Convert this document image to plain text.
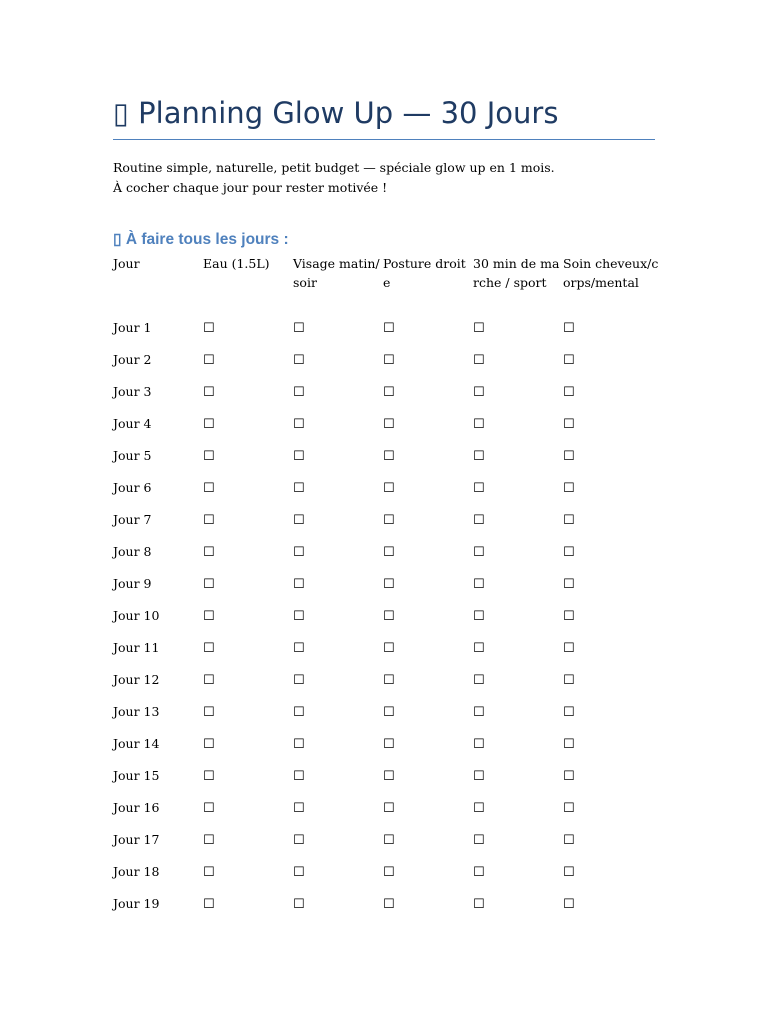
▯ Planning Glow Up — 30 Jours

Routine simple, naturelle, petit budget — spéciale glow up en 1 mois.

À cocher chaque jour pour rester motivée !

▯ À faire tous les jours :
Jour	Eau (1.5L)	Visage matin/soir	Posture droite	30 min de marche / sport	Soin cheveux/corps/mental

Jour 1	☐	☐	☐	☐	☐
Jour 2	☐	☐	☐	☐	☐
Jour 3	☐	☐	☐	☐	☐
Jour 4	☐	☐	☐	☐	☐
Jour 5	☐	☐	☐	☐	☐
Jour 6	☐	☐	☐	☐	☐
Jour 7	☐	☐	☐	☐	☐
Jour 8	☐	☐	☐	☐	☐
Jour 9	☐	☐	☐	☐	☐
Jour 10	☐	☐	☐	☐	☐
Jour 11	☐	☐	☐	☐	☐
Jour 12	☐	☐	☐	☐	☐
Jour 13	☐	☐	☐	☐	☐
Jour 14	☐	☐	☐	☐	☐
Jour 15	☐	☐	☐	☐	☐
Jour 16	☐	☐	☐	☐	☐
Jour 17	☐	☐	☐	☐	☐
Jour 18	☐	☐	☐	☐	☐
Jour 19	☐	☐	☐	☐	☐
